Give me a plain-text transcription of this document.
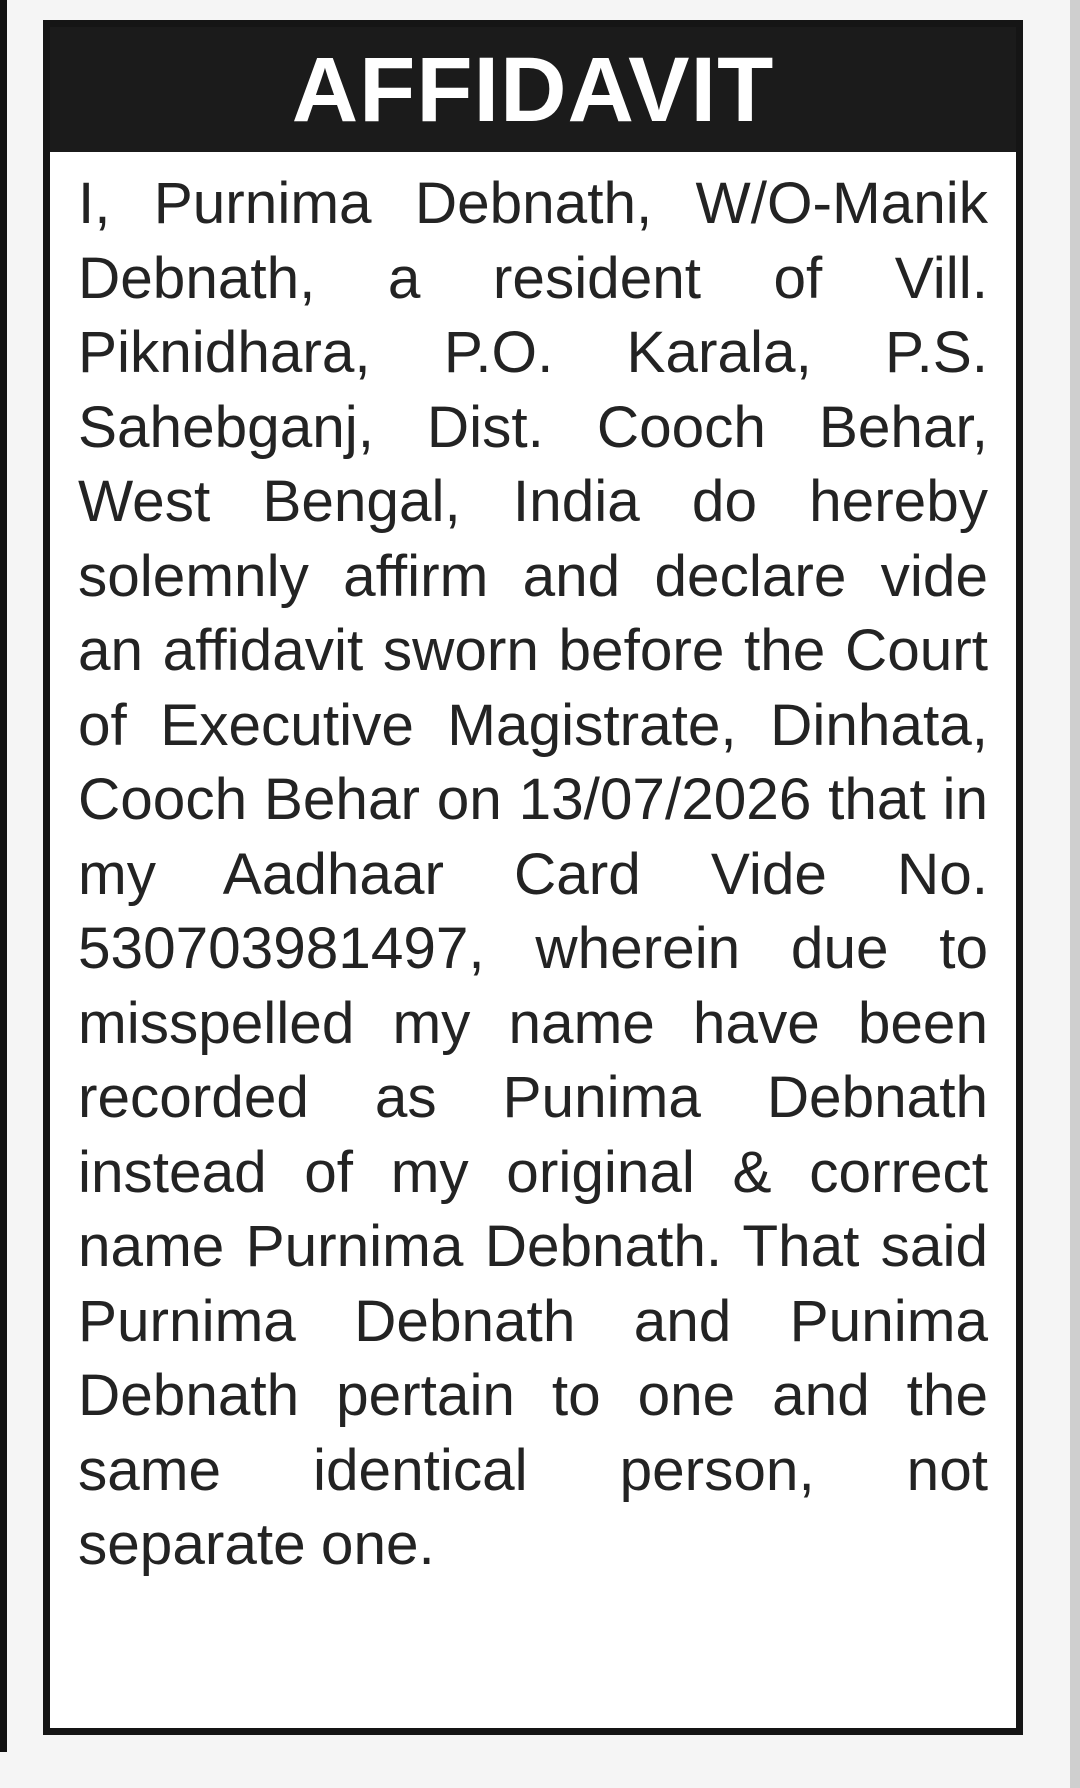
AFFIDAVIT

I, Purnima Debnath, W/O-Manik Debnath, a resident of Vill. Piknidhara, P.O. Karala, P.S. Sahebganj, Dist. Cooch Behar, West Bengal, India do hereby solemnly affirm and declare vide an affidavit sworn before the Court of Executive Magistrate, Dinhata, Cooch Behar on 13/07/2026 that in my Aadhaar Card Vide No. 530703981497, wherein due to misspelled my name have been recorded as Punima Debnath instead of my original & correct name Purnima Debnath. That said Purnima Debnath and Punima Debnath pertain to one and the same identical person, not separate one.
